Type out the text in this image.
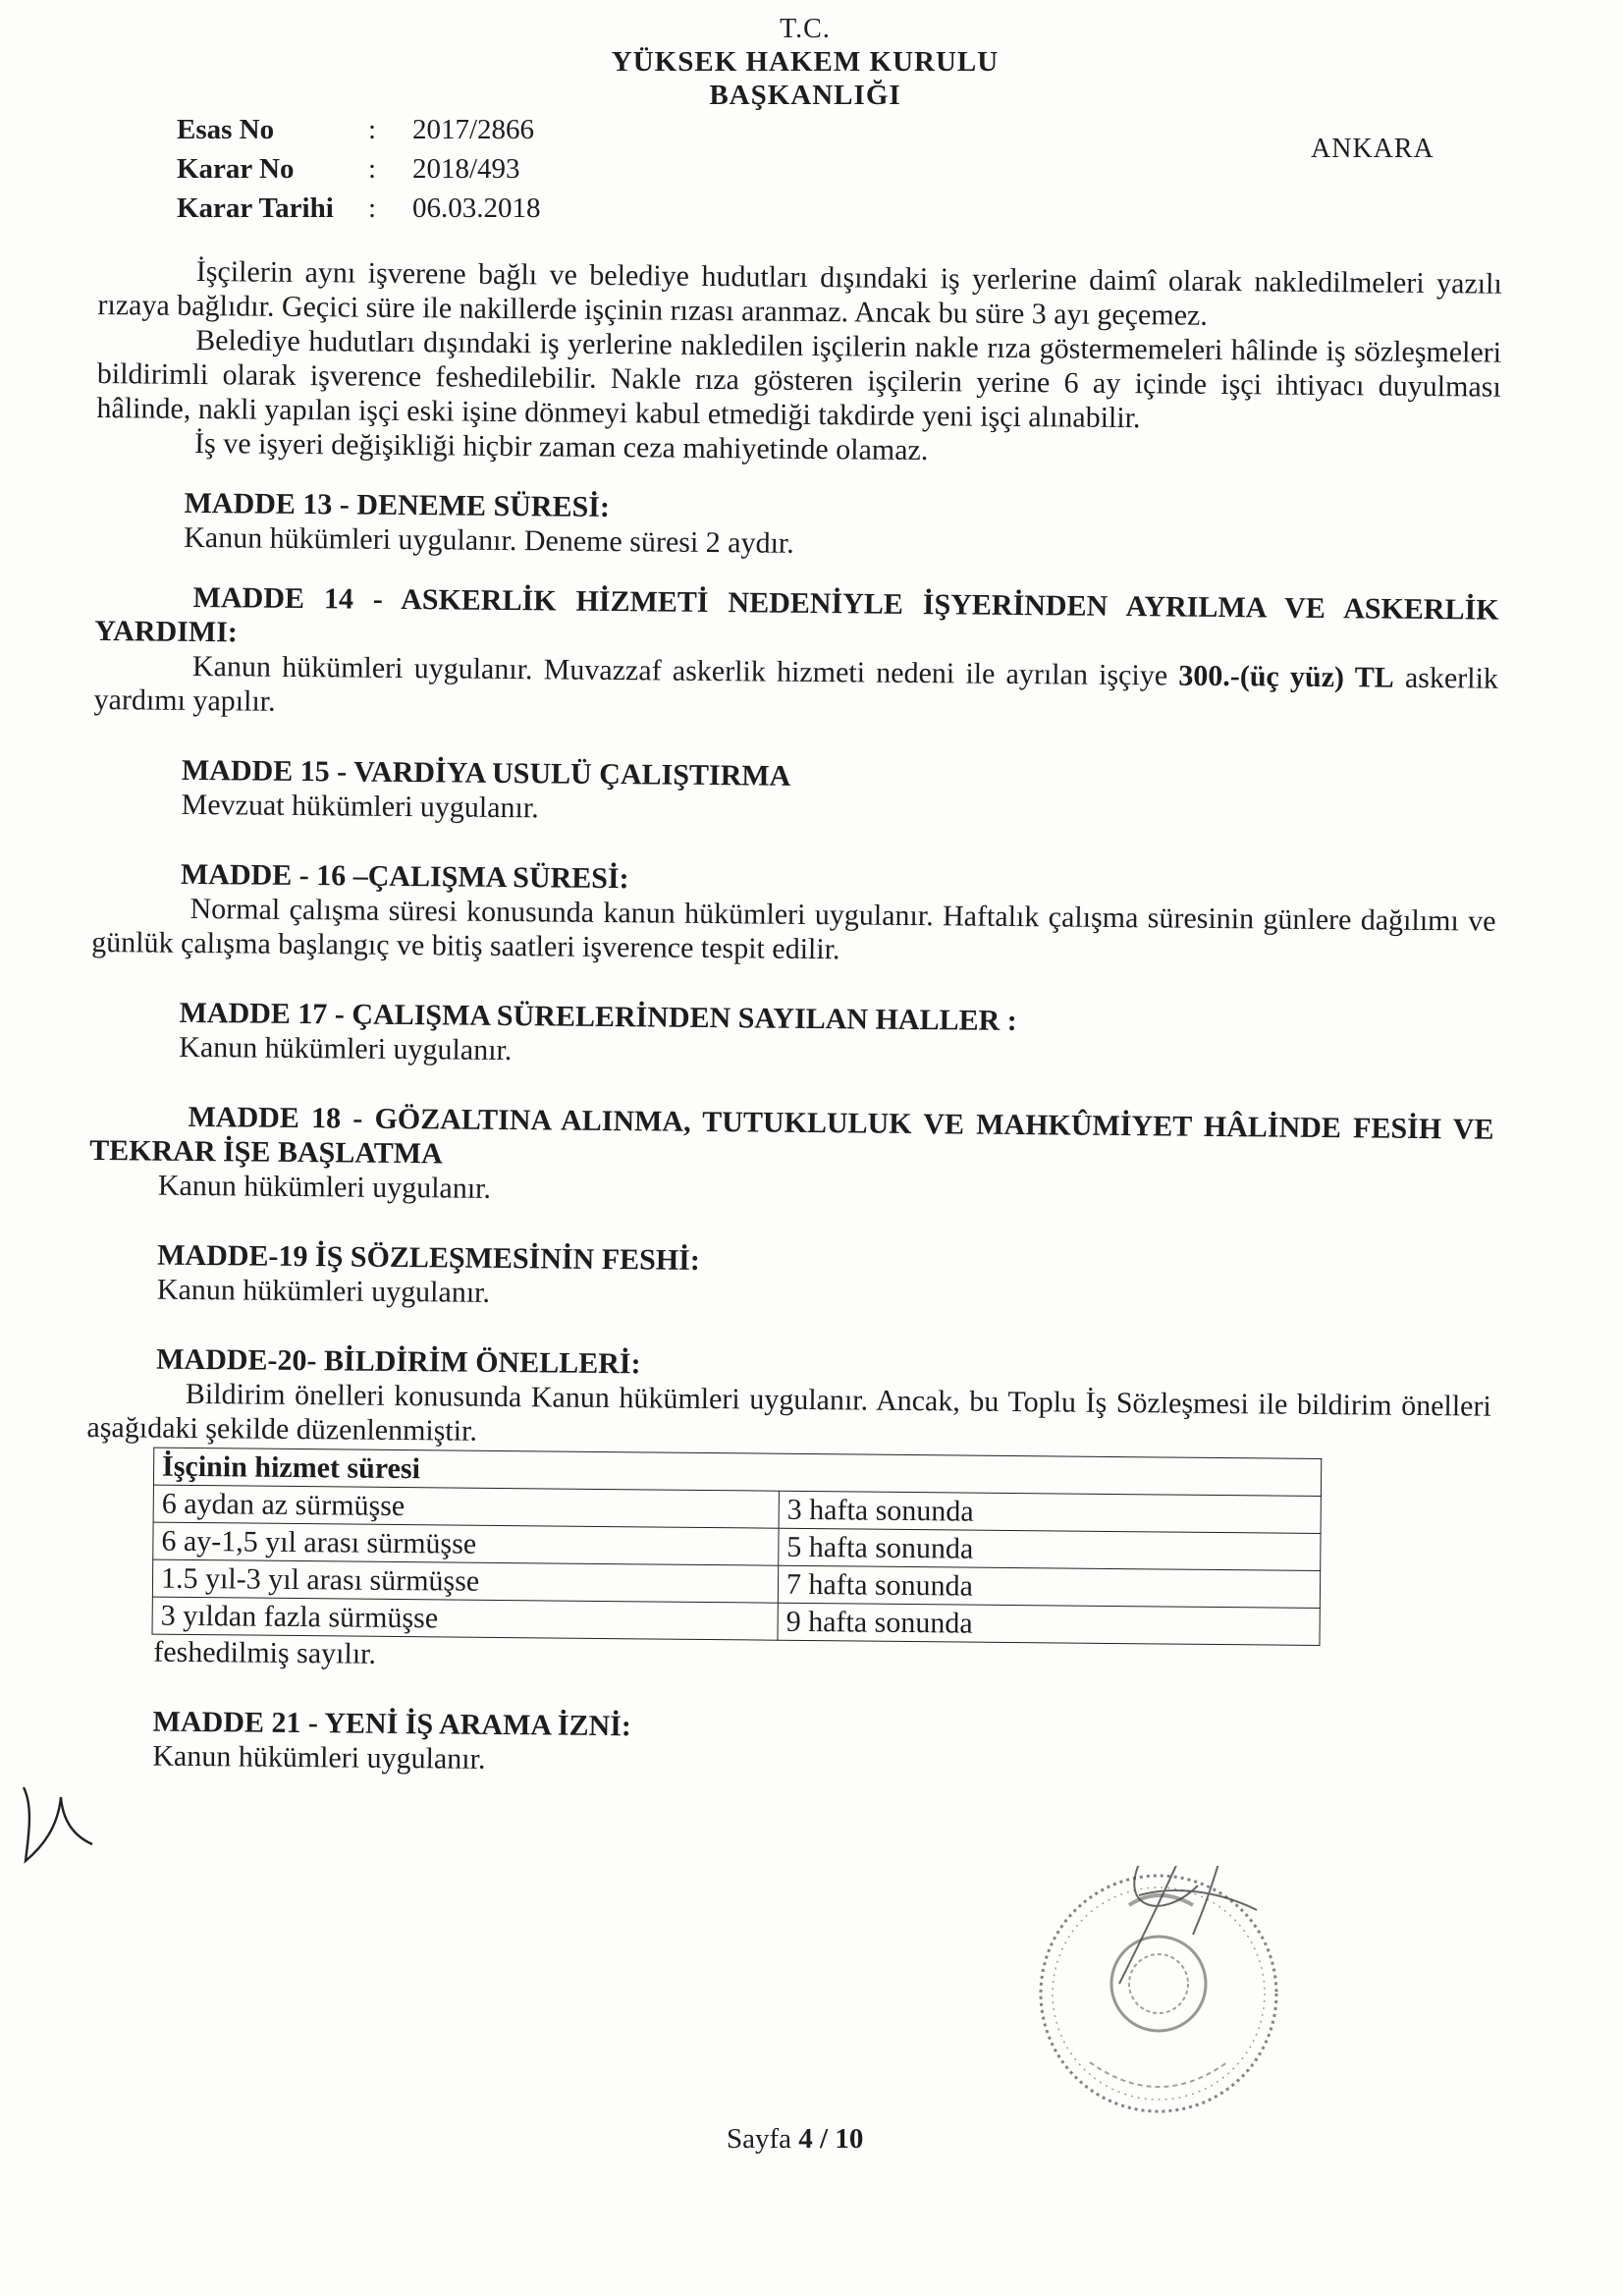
T.C.
YÜKSEK HAKEM KURULU
BAŞKANLIĞI
Esas No	:	2017/2866
Karar No	:	2018/493
Karar Tarihi	:	06.03.2018
ANKARA

İşçilerin aynı işverene bağlı ve belediye hudutları dışındaki iş yerlerine daimî olarak nakledilmeleri yazılı rızaya bağlıdır. Geçici süre ile nakillerde işçinin rızası aranmaz. Ancak bu süre 3 ayı geçemez.

Belediye hudutları dışındaki iş yerlerine nakledilen işçilerin nakle rıza göstermemeleri hâlinde iş sözleşmeleri bildirimli olarak işverence feshedilebilir. Nakle rıza gösteren işçilerin yerine 6 ay içinde işçi ihtiyacı duyulması hâlinde, nakli yapılan işçi eski işine dönmeyi kabul etmediği takdirde yeni işçi alınabilir.

İş ve işyeri değişikliği hiçbir zaman ceza mahiyetinde olamaz.

MADDE 13 - DENEME SÜRESİ:

Kanun hükümleri uygulanır. Deneme süresi 2 aydır.

MADDE 14 - ASKERLİK HİZMETİ NEDENİYLE İŞYERİNDEN AYRILMA VE ASKERLİK YARDIMI:

Kanun hükümleri uygulanır. Muvazzaf askerlik hizmeti nedeni ile ayrılan işçiye 300.-(üç yüz) TL askerlik yardımı yapılır.

MADDE 15 - VARDİYA USULÜ ÇALIŞTIRMA

Mevzuat hükümleri uygulanır.

MADDE - 16 –ÇALIŞMA SÜRESİ:

Normal çalışma süresi konusunda kanun hükümleri uygulanır. Haftalık çalışma süresinin günlere dağılımı ve günlük çalışma başlangıç ve bitiş saatleri işverence tespit edilir.

MADDE 17 - ÇALIŞMA SÜRELERİNDEN SAYILAN HALLER :

Kanun hükümleri uygulanır.

MADDE 18 - GÖZALTINA ALINMA, TUTUKLULUK VE MAHKÛMİYET HÂLİNDE FESİH VE TEKRAR İŞE BAŞLATMA

Kanun hükümleri uygulanır.

MADDE-19 İŞ SÖZLEŞMESİNİN FESHİ:

Kanun hükümleri uygulanır.

MADDE-20- BİLDİRİM ÖNELLERİ:

Bildirim önelleri konusunda Kanun hükümleri uygulanır. Ancak, bu Toplu İş Sözleşmesi ile bildirim önelleri aşağıdaki şekilde düzenlenmiştir.

İşçinin hizmet süresi	
6 aydan az sürmüşse	3 hafta sonunda
6 ay-1,5 yıl arası sürmüşse	5 hafta sonunda
1.5 yıl-3 yıl arası sürmüşse	7 hafta sonunda
3 yıldan fazla sürmüşse	9 hafta sonunda

feshedilmiş sayılır.

MADDE 21 - YENİ İŞ ARAMA İZNİ:

Kanun hükümleri uygulanır.

Sayfa 4 / 10
